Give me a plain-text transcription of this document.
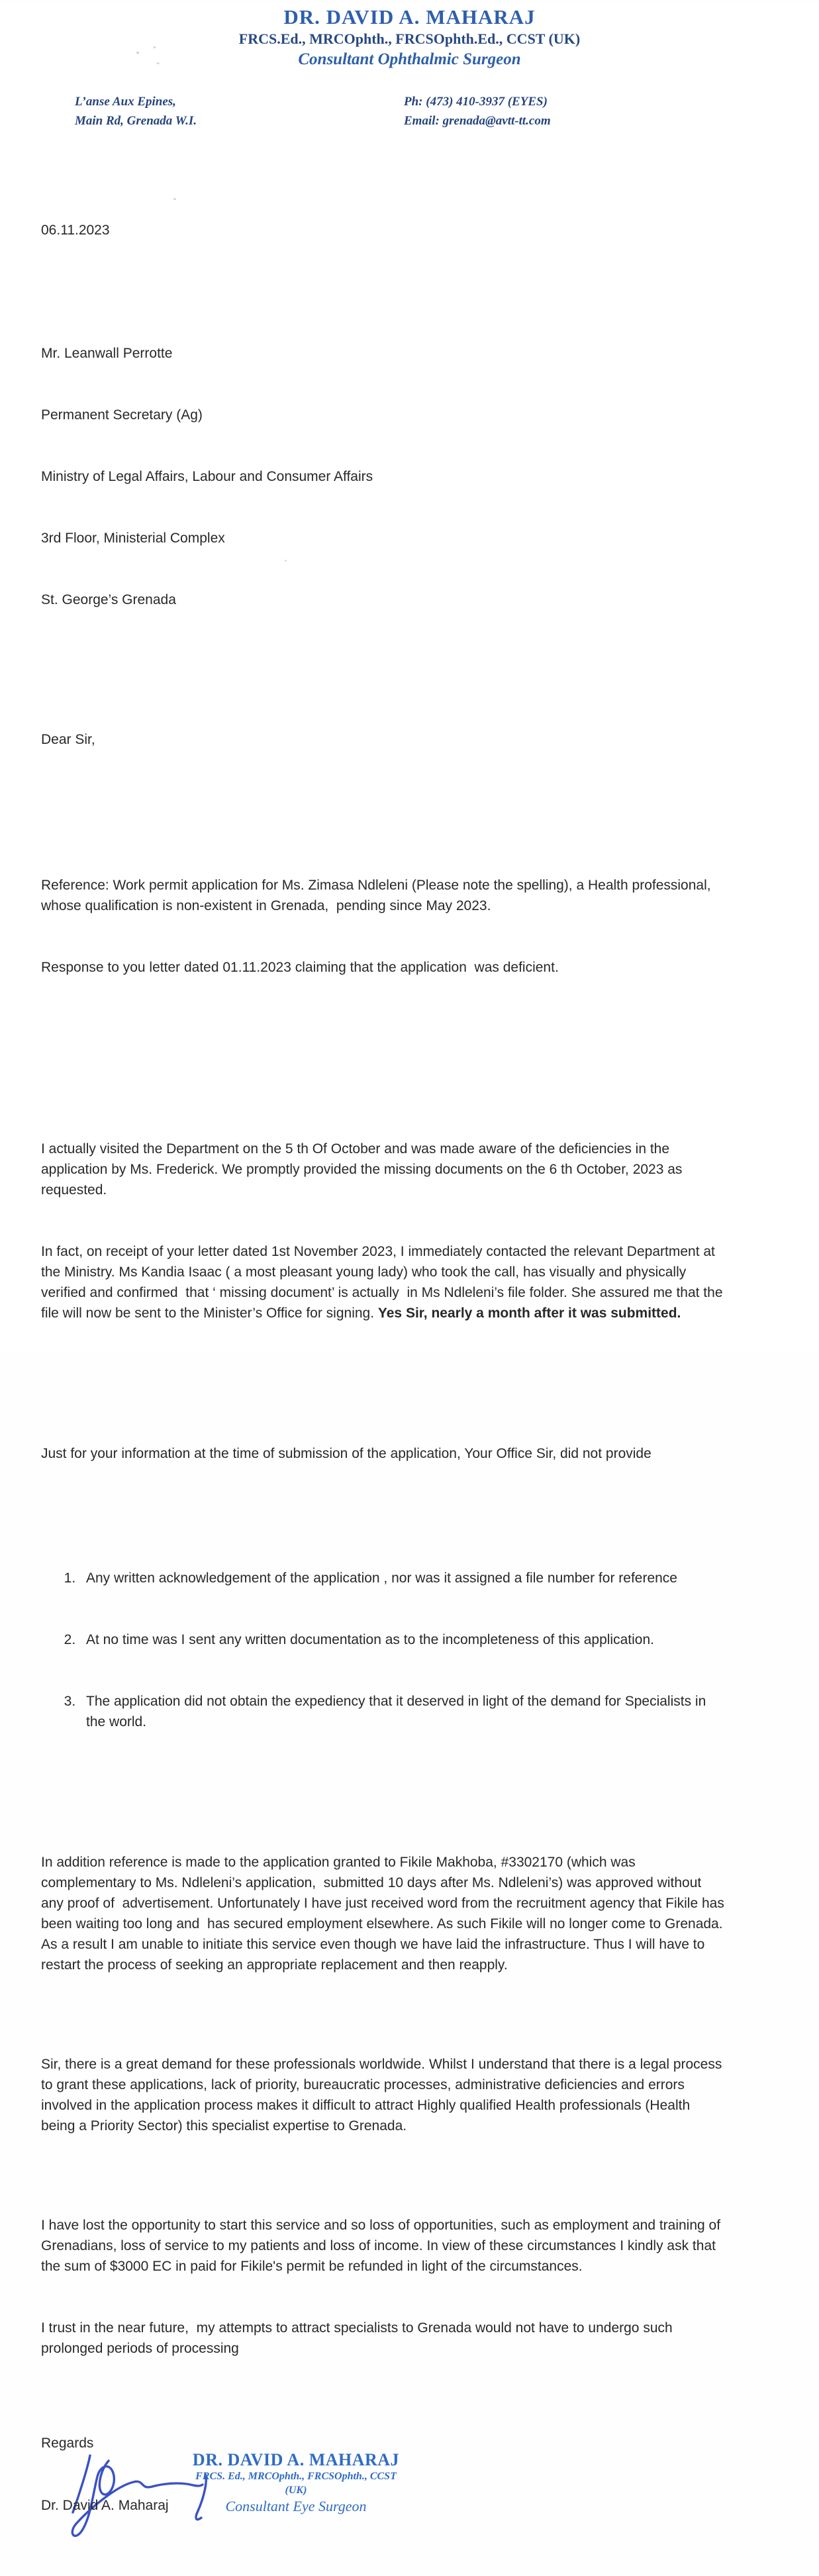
DR. DAVID A. MAHARAJ
FRCS.Ed., MRCOphth., FRCSOphth.Ed., CCST (UK)
Consultant Ophthalmic Surgeon
L’anse Aux Epines,
Main Rd, Grenada W.I.
Ph: (473) 410-3937 (EYES)
Email: grenada@avtt-tt.com

06.11.2023

Mr. Leanwall Perrotte

Permanent Secretary (Ag)

Ministry of Legal Affairs, Labour and Consumer Affairs

3rd Floor, Ministerial Complex

St. George’s Grenada

Dear Sir,

Reference: Work permit application for Ms. Zimasa Ndleleni (Please note the spelling), a Health professional, whose qualification is non-existent in Grenada,  pending since May 2023.

Response to you letter dated 01.11.2023 claiming that the application  was deficient.

I actually visited the Department on the 5 th Of October and was made aware of the deficiencies in the application by Ms. Frederick. We promptly provided the missing documents on the 6 th October, 2023 as requested.

In fact, on receipt of your letter dated 1st November 2023, I immediately contacted the relevant Department at the Ministry. Ms Kandia Isaac ( a most pleasant young lady) who took the call, has visually and physically verified and confirmed  that ‘ missing document’ is actually  in Ms Ndleleni’s file folder. She assured me that the file will now be sent to the Minister’s Office for signing. Yes Sir, nearly a month after it was submitted.

Just for your information at the time of submission of the application, Your Office Sir, did not provide

1. Any written acknowledgement of the application , nor was it assigned a file number for reference

2. At no time was I sent any written documentation as to the incompleteness of this application.

3. The application did not obtain the expediency that it deserved in light of the demand for Specialists in the world.

In addition reference is made to the application granted to Fikile Makhoba, #3302170 (which was complementary to Ms. Ndleleni’s application,  submitted 10 days after Ms. Ndleleni’s) was approved without any proof of  advertisement. Unfortunately I have just received word from the recruitment agency that Fikile has been waiting too long and  has secured employment elsewhere. As such Fikile will no longer come to Grenada.  As a result I am unable to initiate this service even though we have laid the infrastructure. Thus I will have to restart the process of seeking an appropriate replacement and then reapply.

Sir, there is a great demand for these professionals worldwide. Whilst I understand that there is a legal process to grant these applications, lack of priority, bureaucratic processes, administrative deficiencies and errors involved in the application process makes it difficult to attract Highly qualified Health professionals (Health being a Priority Sector) this specialist expertise to Grenada.

I have lost the opportunity to start this service and so loss of opportunities, such as employment and training of Grenadians, loss of service to my patients and loss of income. In view of these circumstances I kindly ask that the sum of $3000 EC in paid for Fikile's permit be refunded in light of the circumstances.

I trust in the near future,  my attempts to attract specialists to Grenada would not have to undergo such prolonged periods of processing

Regards
Dr. David A. Maharaj
DR. DAVID A. MAHARAJ
FRCS. Ed., MRCOphth., FRCSOphth., CCST (UK)
Consultant Eye Surgeon
